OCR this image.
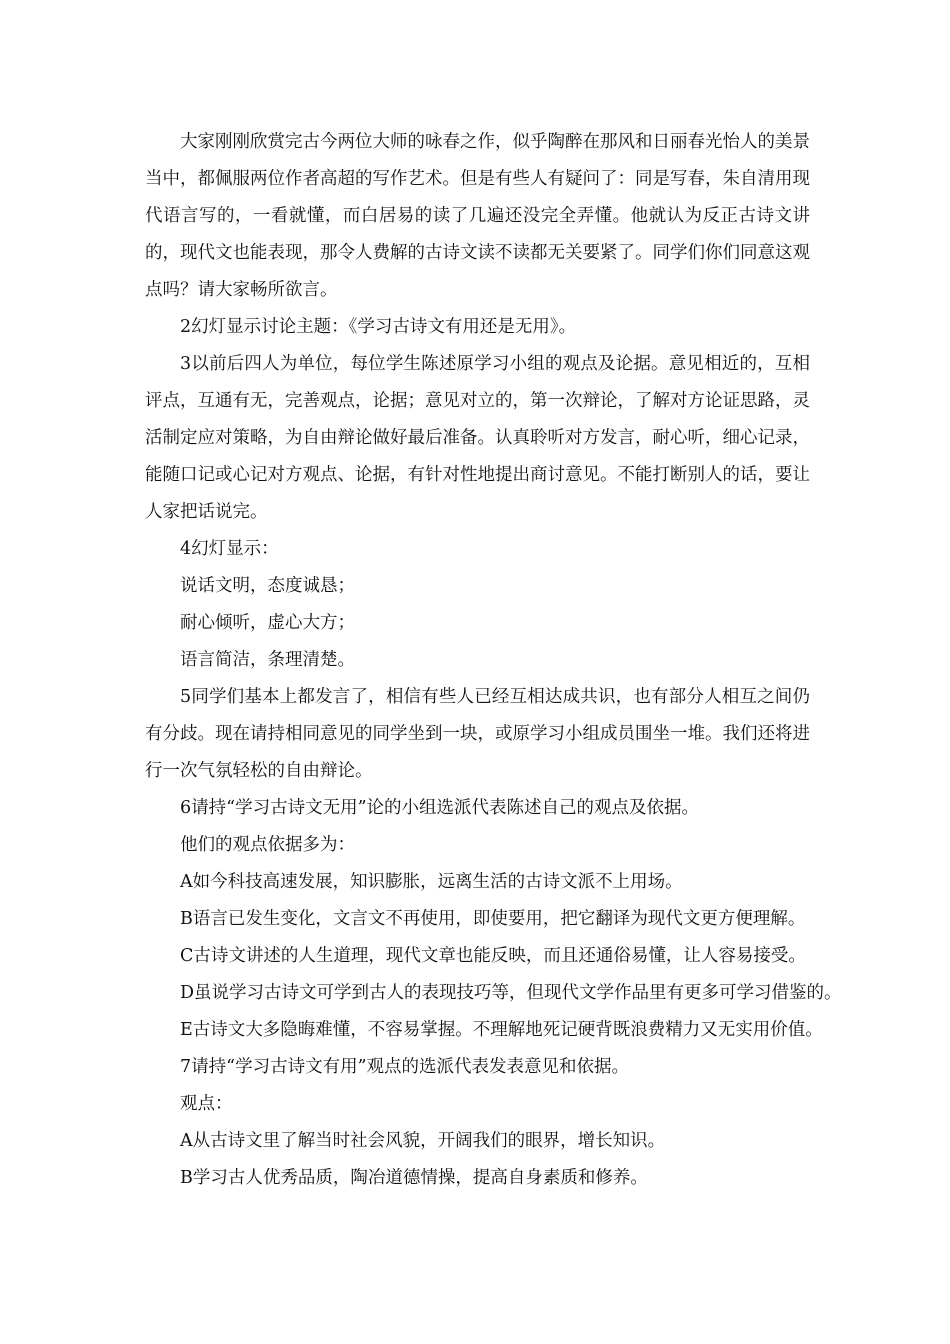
大家刚刚欣赏完古今两位大师的咏春之作，似乎陶醉在那风和日丽春光怡人的美景当中，都佩服两位作者高超的写作艺术。但是有些人有疑问了：同是写春，朱自清用现代语言写的，一看就懂，而白居易的读了几遍还没完全弄懂。他就认为反正古诗文讲的，现代文也能表现，那令人费解的古诗文读不读都无关要紧了。同学们你们同意这观点吗？请大家畅所欲言。

2幻灯显示讨论主题：《学习古诗文有用还是无用》。

3以前后四人为单位，每位学生陈述原学习小组的观点及论据。意见相近的，互相评点，互通有无，完善观点，论据；意见对立的，第一次辩论，了解对方论证思路，灵活制定应对策略，为自由辩论做好最后准备。认真聆听对方发言，耐心听，细心记录，能随口记或心记对方观点、论据，有针对性地提出商讨意见。不能打断别人的话，要让人家把话说完。

4幻灯显示：

说话文明，态度诚恳；

耐心倾听，虚心大方；

语言简洁，条理清楚。

5同学们基本上都发言了，相信有些人已经互相达成共识，也有部分人相互之间仍有分歧。现在请持相同意见的同学坐到一块，或原学习小组成员围坐一堆。我们还将进行一次气氛轻松的自由辩论。

6请持“学习古诗文无用”论的小组选派代表陈述自己的观点及依据。

他们的观点依据多为：

A如今科技高速发展，知识膨胀，远离生活的古诗文派不上用场。

B语言已发生变化，文言文不再使用，即使要用，把它翻译为现代文更方便理解。

C古诗文讲述的人生道理，现代文章也能反映，而且还通俗易懂，让人容易接受。

D虽说学习古诗文可学到古人的表现技巧等，但现代文学作品里有更多可学习借鉴的。

E古诗文大多隐晦难懂，不容易掌握。不理解地死记硬背既浪费精力又无实用价值。

7请持“学习古诗文有用”观点的选派代表发表意见和依据。

观点：

A从古诗文里了解当时社会风貌，开阔我们的眼界，增长知识。

B学习古人优秀品质，陶冶道德情操，提高自身素质和修养。
